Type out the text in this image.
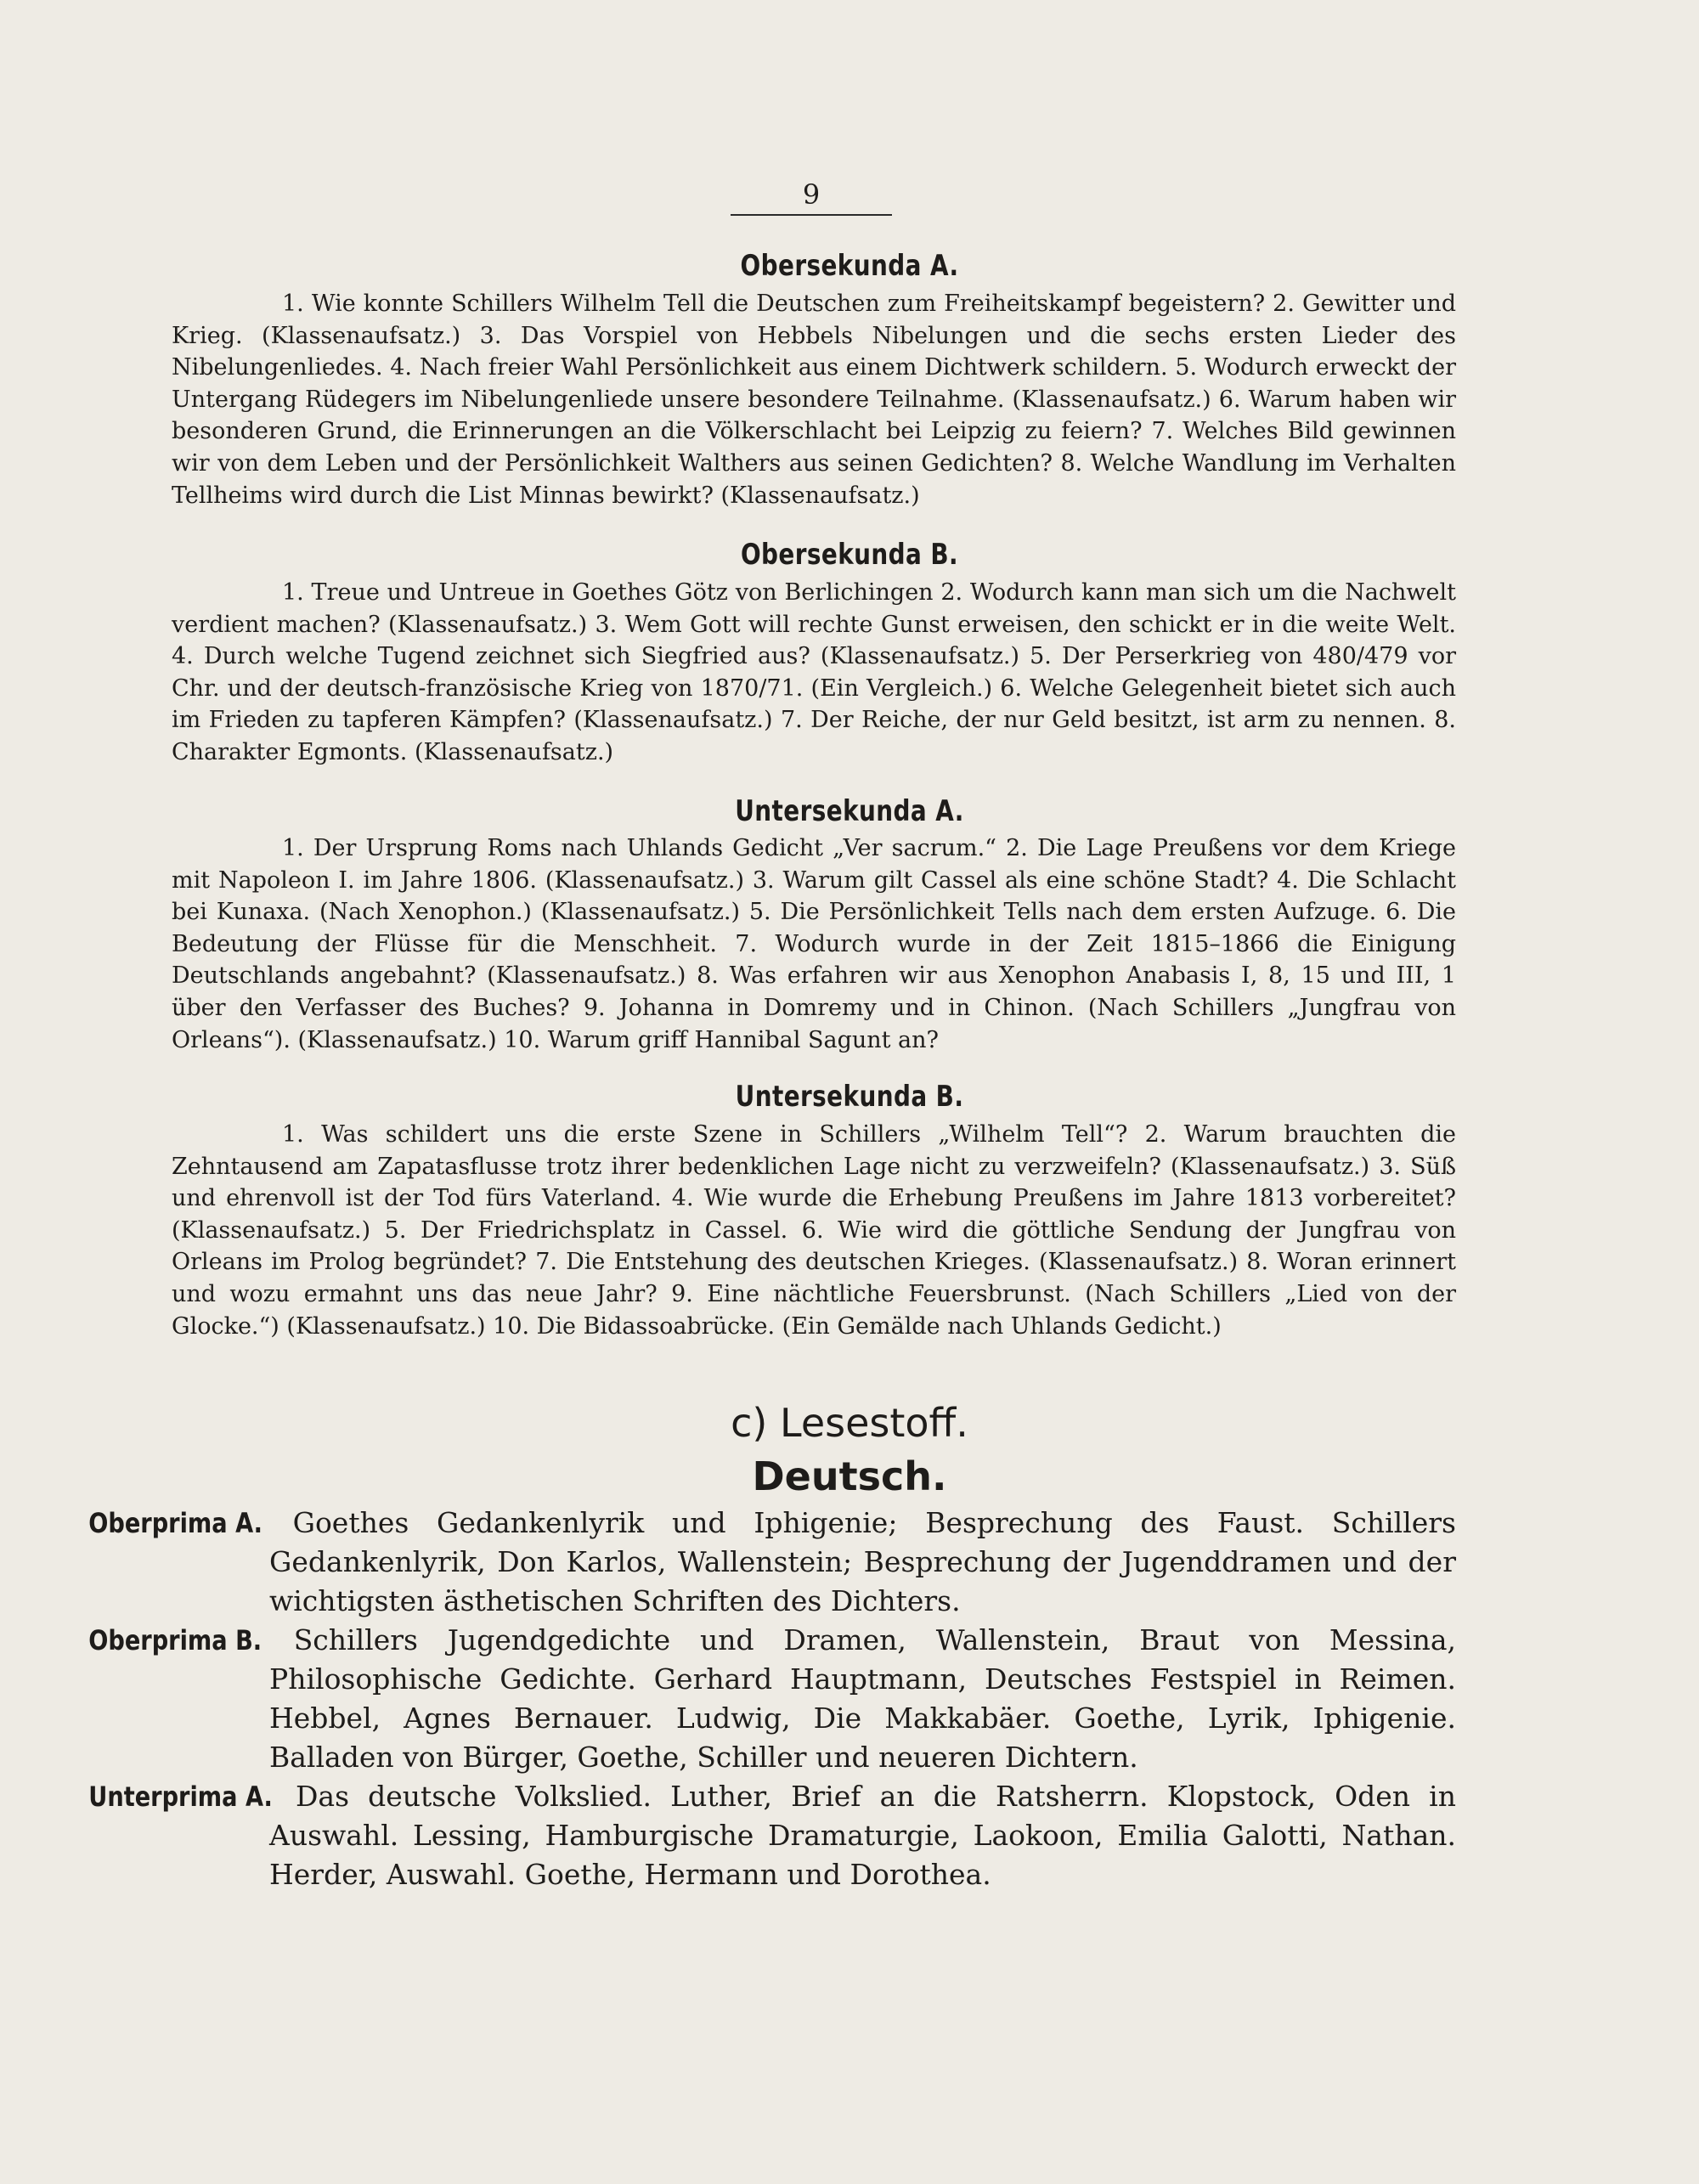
9
Obersekunda A.

1. Wie konnte Schillers Wilhelm Tell die Deutschen zum Freiheitskampf begeistern? 2. Gewitter und Krieg. (Klassenaufsatz.) 3. Das Vorspiel von Hebbels Nibelungen und die sechs ersten Lieder des Nibelungenliedes. 4. Nach freier Wahl Persönlichkeit aus einem Dichtwerk schildern. 5. Wodurch erweckt der Untergang Rüdegers im Nibelungenliede unsere besondere Teilnahme. (Klassenaufsatz.) 6. Warum haben wir besonderen Grund, die Erinnerungen an die Völkerschlacht bei Leipzig zu feiern? 7. Welches Bild gewinnen wir von dem Leben und der Persönlichkeit Walthers aus seinen Gedichten? 8. Welche Wandlung im Verhalten Tellheims wird durch die List Minnas bewirkt? (Klassenaufsatz.)

Obersekunda B.

1. Treue und Untreue in Goethes Götz von Berlichingen 2. Wodurch kann man sich um die Nachwelt verdient machen? (Klassenaufsatz.) 3. Wem Gott will rechte Gunst erweisen, den schickt er in die weite Welt. 4. Durch welche Tugend zeichnet sich Siegfried aus? (Klassenaufsatz.) 5. Der Perserkrieg von 480/479 vor Chr. und der deutsch-französische Krieg von 1870/71. (Ein Vergleich.) 6. Welche Gelegenheit bietet sich auch im Frieden zu tapferen Kämpfen? (Klassenaufsatz.) 7. Der Reiche, der nur Geld besitzt, ist arm zu nennen. 8. Charakter Egmonts. (Klassenaufsatz.)

Untersekunda A.

1. Der Ursprung Roms nach Uhlands Gedicht „Ver sacrum.“ 2. Die Lage Preußens vor dem Kriege mit Napoleon I. im Jahre 1806. (Klassenaufsatz.) 3. Warum gilt Cassel als eine schöne Stadt? 4. Die Schlacht bei Kunaxa. (Nach Xenophon.) (Klassenaufsatz.) 5. Die Persönlichkeit Tells nach dem ersten Aufzuge. 6. Die Bedeutung der Flüsse für die Menschheit. 7. Wodurch wurde in der Zeit 1815–1866 die Einigung Deutschlands angebahnt? (Klassenaufsatz.) 8. Was erfahren wir aus Xenophon Anabasis I, 8, 15 und III, 1 über den Verfasser des Buches? 9. Johanna in Domremy und in Chinon. (Nach Schillers „Jungfrau von Orleans“). (Klassenaufsatz.) 10. Warum griff Hannibal Sagunt an?

Untersekunda B.

1. Was schildert uns die erste Szene in Schillers „Wilhelm Tell“? 2. Warum brauchten die Zehntausend am Zapatasflusse trotz ihrer bedenklichen Lage nicht zu verzweifeln? (Klassenaufsatz.) 3. Süß und ehrenvoll ist der Tod fürs Vaterland. 4. Wie wurde die Erhebung Preußens im Jahre 1813 vorbereitet? (Klassenaufsatz.) 5. Der Friedrichsplatz in Cassel. 6. Wie wird die göttliche Sendung der Jungfrau von Orleans im Prolog begründet? 7. Die Entstehung des deutschen Krieges. (Klassenaufsatz.) 8. Woran erinnert und wozu ermahnt uns das neue Jahr? 9. Eine nächtliche Feuersbrunst. (Nach Schillers „Lied von der Glocke.“) (Klassenaufsatz.) 10. Die Bidassoabrücke. (Ein Gemälde nach Uhlands Gedicht.)

c) Lesestoff.
Deutsch.

Oberprima A. Goethes Gedankenlyrik und Iphigenie; Besprechung des Faust. Schillers Gedankenlyrik, Don Karlos, Wallenstein; Besprechung der Jugenddramen und der wichtigsten ästhetischen Schriften des Dichters.

Oberprima B. Schillers Jugendgedichte und Dramen, Wallenstein, Braut von Messina, Philosophische Gedichte. Gerhard Hauptmann, Deutsches Festspiel in Reimen. Hebbel, Agnes Bernauer. Ludwig, Die Makkabäer. Goethe, Lyrik, Iphigenie. Balladen von Bürger, Goethe, Schiller und neueren Dichtern.

Unterprima A. Das deutsche Volkslied. Luther, Brief an die Ratsherrn. Klopstock, Oden in Auswahl. Lessing, Hamburgische Dramaturgie, Laokoon, Emilia Galotti, Nathan. Herder, Auswahl. Goethe, Hermann und Dorothea.
